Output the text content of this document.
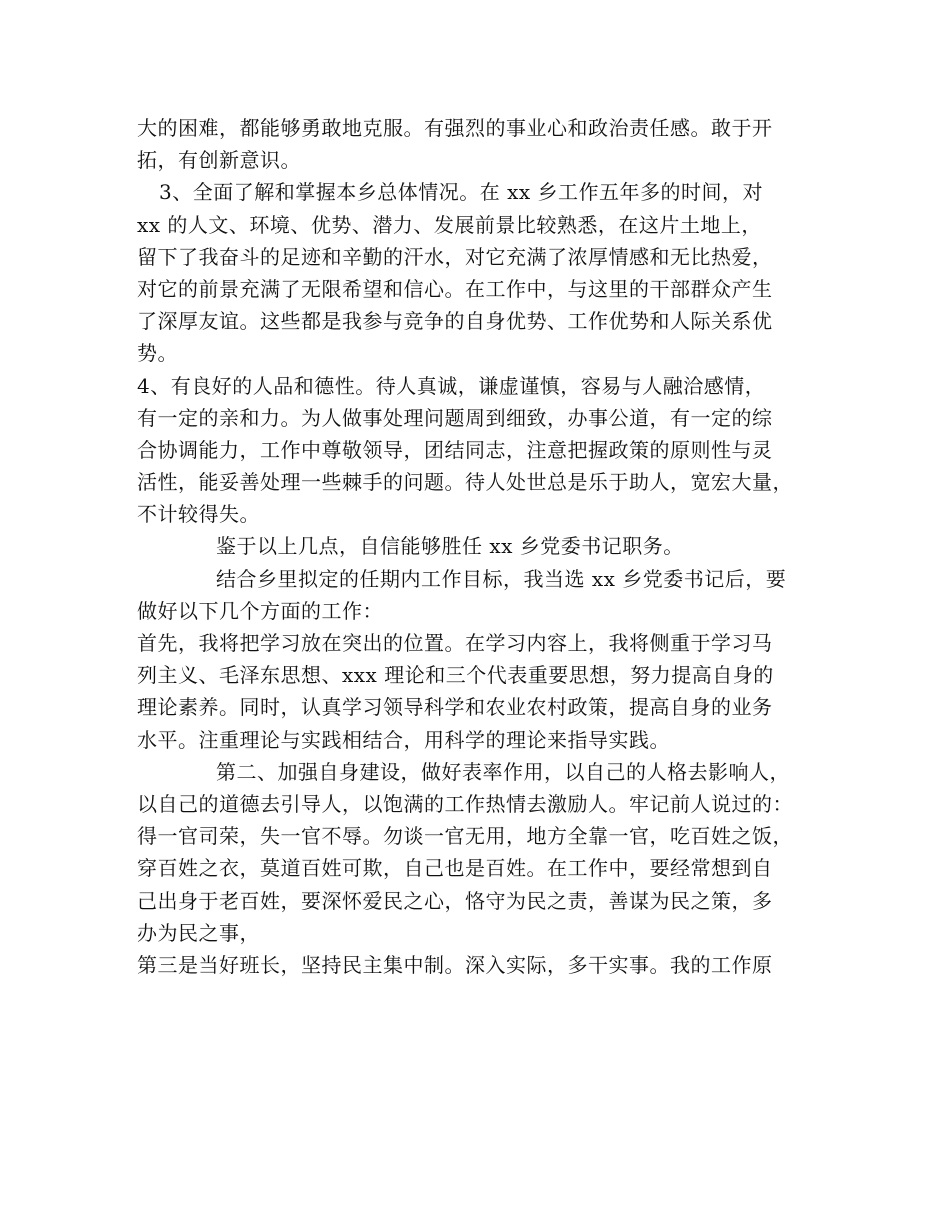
大的困难，都能够勇敢地克服。有强烈的事业心和政治责任感。敢于开
拓，有创新意识。
3、全面了解和掌握本乡总体情况。在 xx 乡工作五年多的时间，对
xx 的人文、环境、优势、潜力、发展前景比较熟悉，在这片土地上，
留下了我奋斗的足迹和辛勤的汗水，对它充满了浓厚情感和无比热爱，
对它的前景充满了无限希望和信心。在工作中，与这里的干部群众产生
了深厚友谊。这些都是我参与竞争的自身优势、工作优势和人际关系优
势。
4、有良好的人品和德性。待人真诚，谦虚谨慎，容易与人融洽感情，
有一定的亲和力。为人做事处理问题周到细致，办事公道，有一定的综
合协调能力，工作中尊敬领导，团结同志，注意把握政策的原则性与灵
活性，能妥善处理一些棘手的问题。待人处世总是乐于助人，宽宏大量，
不计较得失。
鉴于以上几点，自信能够胜任 xx 乡党委书记职务。
结合乡里拟定的任期内工作目标，我当选 xx 乡党委书记后，要
做好以下几个方面的工作：
首先，我将把学习放在突出的位置。在学习内容上，我将侧重于学习马
列主义、毛泽东思想、xxx 理论和三个代表重要思想，努力提高自身的
理论素养。同时，认真学习领导科学和农业农村政策，提高自身的业务
水平。注重理论与实践相结合，用科学的理论来指导实践。
第二、加强自身建设，做好表率作用，以自己的人格去影响人，
以自己的道德去引导人，以饱满的工作热情去激励人。牢记前人说过的：
得一官司荣，失一官不辱。勿谈一官无用，地方全靠一官，吃百姓之饭，
穿百姓之衣，莫道百姓可欺，自己也是百姓。在工作中，要经常想到自
己出身于老百姓，要深怀爱民之心，恪守为民之责，善谋为民之策，多
办为民之事，
第三是当好班长，坚持民主集中制。深入实际，多干实事。我的工作原
